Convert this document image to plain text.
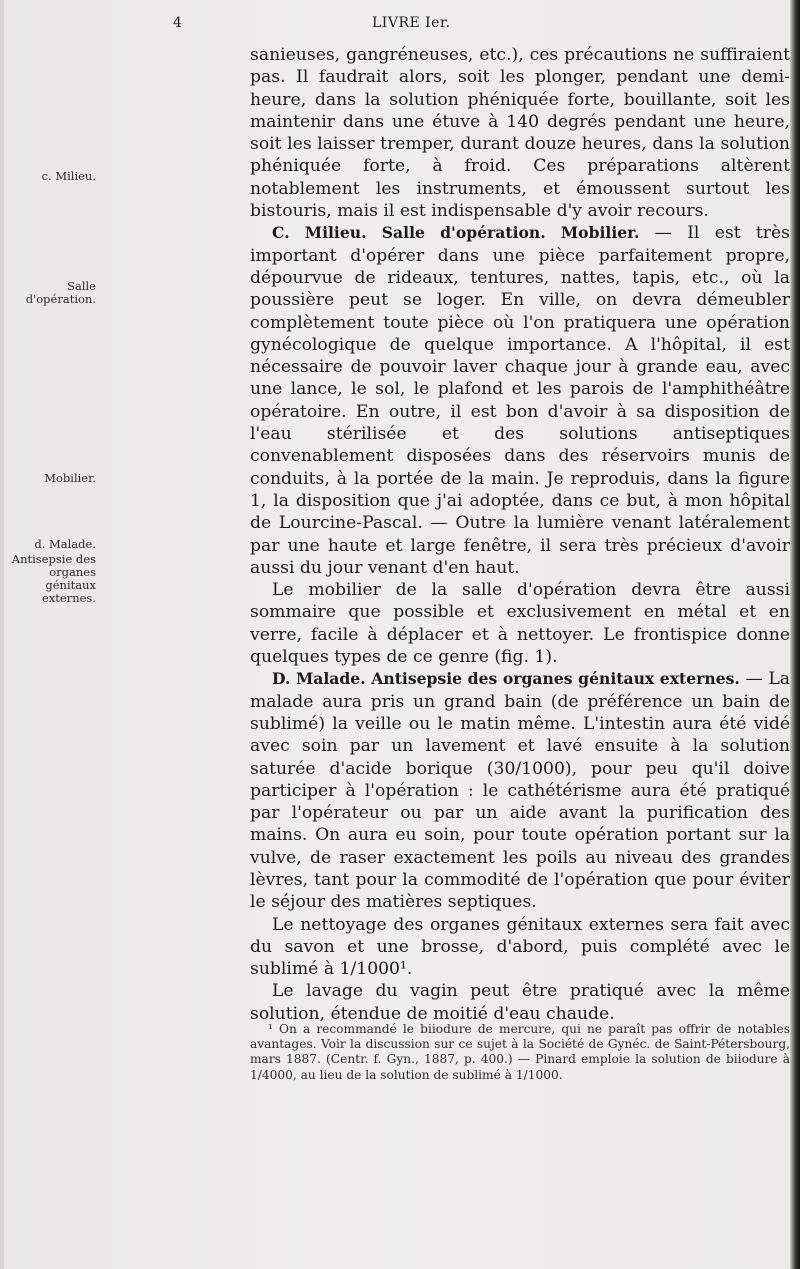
4	LIVRE Ier.
c. Milieu.
Salle d'opération.
Mobilier.
d. Malade.
Antisepsie des organes génitaux externes.

sanieuses, gangréneuses, etc.), ces précautions ne suffiraient pas. Il faudrait alors, soit les plonger, pendant une demi-heure, dans la solution phéniquée forte, bouillante, soit les maintenir dans une étuve à 140 degrés pendant une heure, soit les laisser tremper, durant douze heures, dans la solution phéniquée forte, à froid. Ces préparations altèrent notablement les instruments, et émoussent surtout les bistouris, mais il est indispensable d'y avoir recours.

C. Milieu. Salle d'opération. Mobilier. — Il est très important d'opérer dans une pièce parfaitement propre, dépourvue de rideaux, tentures, nattes, tapis, etc., où la poussière peut se loger. En ville, on devra démeubler complètement toute pièce où l'on pratiquera une opération gynécologique de quelque importance. A l'hôpital, il est nécessaire de pouvoir laver chaque jour à grande eau, avec une lance, le sol, le plafond et les parois de l'amphithéâtre opératoire. En outre, il est bon d'avoir à sa disposition de l'eau stérilisée et des solutions antiseptiques convenablement disposées dans des réservoirs munis de conduits, à la portée de la main. Je reproduis, dans la figure 1, la disposition que j'ai adoptée, dans ce but, à mon hôpital de Lourcine-Pascal. — Outre la lumière venant latéralement par une haute et large fenêtre, il sera très précieux d'avoir aussi du jour venant d'en haut.

Le mobilier de la salle d'opération devra être aussi sommaire que possible et exclusivement en métal et en verre, facile à déplacer et à nettoyer. Le frontispice donne quelques types de ce genre (fig. 1).

D. Malade. Antisepsie des organes génitaux externes. — La malade aura pris un grand bain (de préférence un bain de sublimé) la veille ou le matin même. L'intestin aura été vidé avec soin par un lavement et lavé ensuite à la solution saturée d'acide borique (30/1000), pour peu qu'il doive participer à l'opération : le cathétérisme aura été pratiqué par l'opérateur ou par un aide avant la purification des mains. On aura eu soin, pour toute opération portant sur la vulve, de raser exactement les poils au niveau des grandes lèvres, tant pour la commodité de l'opération que pour éviter le séjour des matières septiques.

Le nettoyage des organes génitaux externes sera fait avec du savon et une brosse, d'abord, puis complété avec le sublimé à 1/1000¹.

Le lavage du vagin peut être pratiqué avec la même solution, étendue de moitié d'eau chaude.

¹ On a recommandé le biiodure de mercure, qui ne paraît pas offrir de notables avantages. Voir la discussion sur ce sujet à la Société de Gynéc. de Saint-Pétersbourg, mars 1887. (Centr. f. Gyn., 1887, p. 400.) — Pinard emploie la solution de biiodure à 1/4000, au lieu de la solution de sublimé à 1/1000.
